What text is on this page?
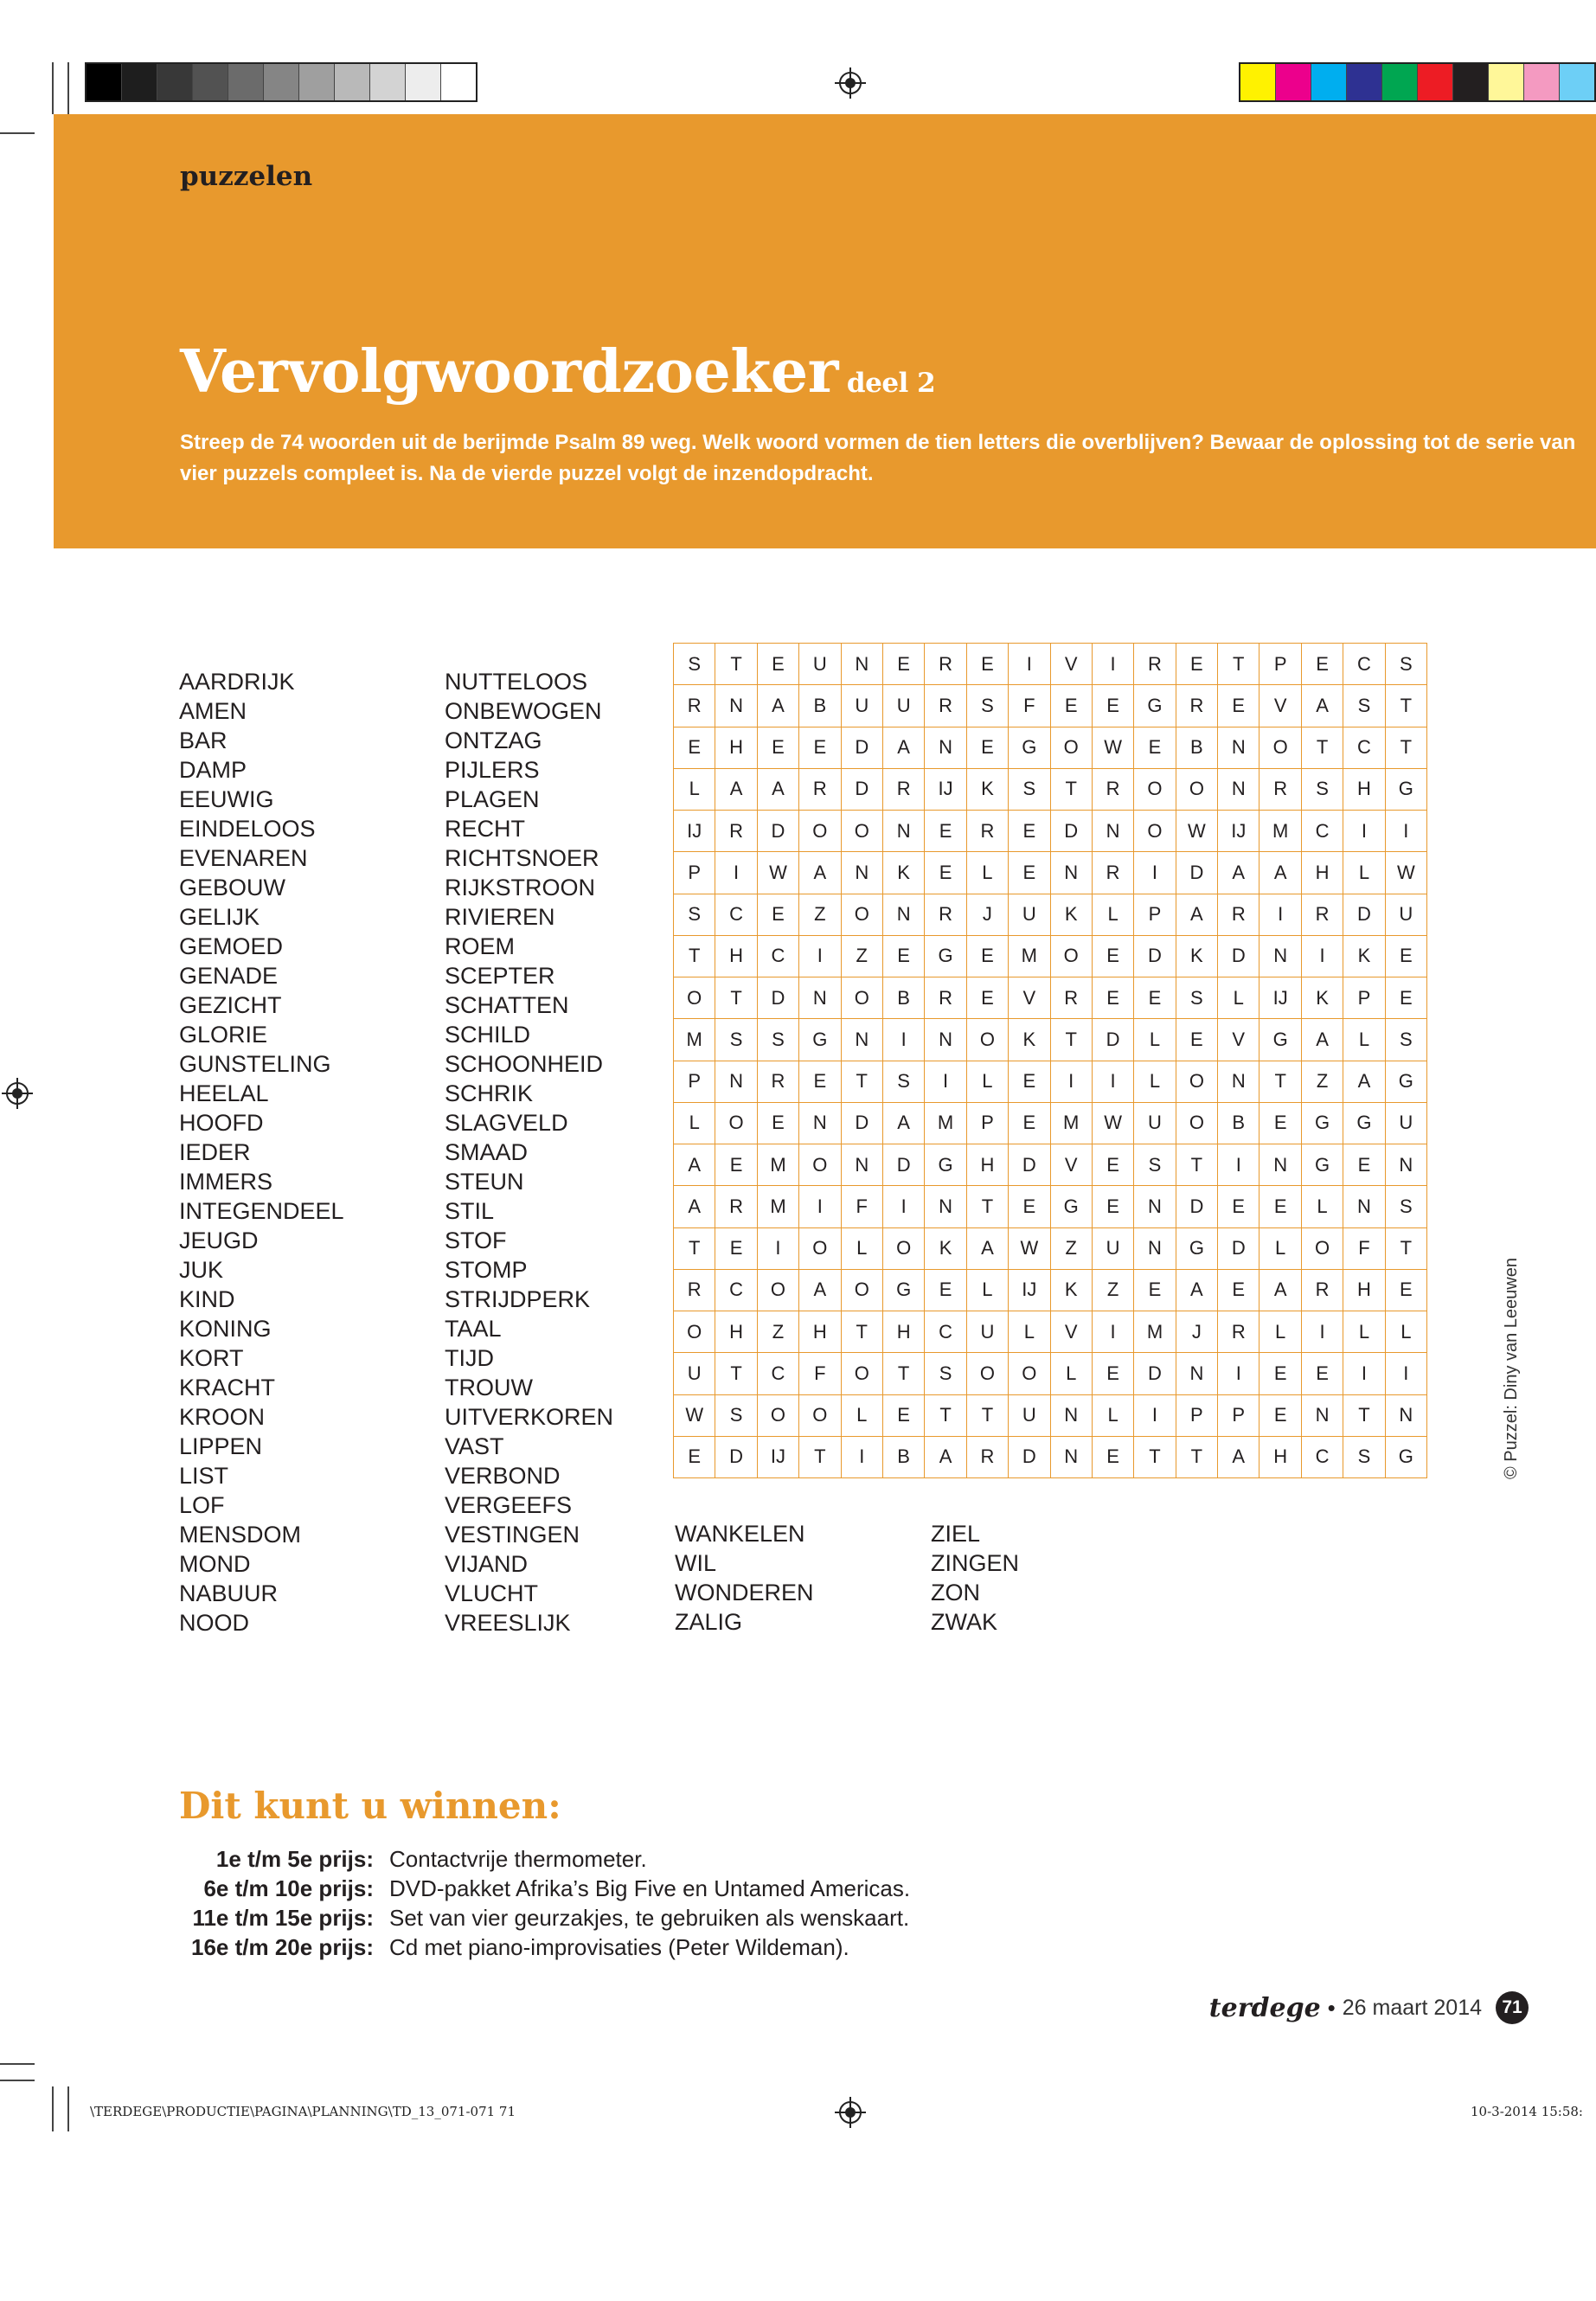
puzzelen
Vervolgwoordzoeker deel 2
Streep de 74 woorden uit de berijmde Psalm 89 weg. Welk woord vormen de tien letters die overblijven? Bewaar de oplossing tot de serie van vier puzzels compleet is. Na de vierde puzzel volgt de inzendopdracht.
AARDRIJK
AMEN
BAR
DAMP
EEUWIG
EINDELOOS
EVENAREN
GEBOUW
GELIJK
GEMOED
GENADE
GEZICHT
GLORIE
GUNSTELING
HEELAL
HOOFD
IEDER
IMMERS
INTEGENDEEL
JEUGD
JUK
KIND
KONING
KORT
KRACHT
KROON
LIPPEN
LIST
LOF
MENSDOM
MOND
NABUUR
NOOD
NUTTELOOS
ONBEWOGEN
ONTZAG
PIJLERS
PLAGEN
RECHT
RICHTSNOER
RIJKSTROON
RIVIEREN
ROEM
SCEPTER
SCHATTEN
SCHILD
SCHOONHEID
SCHRIK
SLAGVELD
SMAAD
STEUN
STIL
STOF
STOMP
STRIJDPERK
TAAL
TIJD
TROUW
UITVERKOREN
VAST
VERBOND
VERGEEFS
VESTINGEN
VIJAND
VLUCHT
VREESLIJK
WANKELEN
WIL
WONDEREN
ZALIG
ZIEL
ZINGEN
ZON
ZWAK
S	T	E	U	N	E	R	E	I	V	I	R	E	T	P	E	C	S
R	N	A	B	U	U	R	S	F	E	E	G	R	E	V	A	S	T
E	H	E	E	D	A	N	E	G	O	W	E	B	N	O	T	C	T
L	A	A	R	D	R	IJ	K	S	T	R	O	O	N	R	S	H	G
IJ	R	D	O	O	N	E	R	E	D	N	O	W	IJ	M	C	I	I
P	I	W	A	N	K	E	L	E	N	R	I	D	A	A	H	L	W
S	C	E	Z	O	N	R	J	U	K	L	P	A	R	I	R	D	U
T	H	C	I	Z	E	G	E	M	O	E	D	K	D	N	I	K	E
O	T	D	N	O	B	R	E	V	R	E	E	S	L	IJ	K	P	E
M	S	S	G	N	I	N	O	K	T	D	L	E	V	G	A	L	S
P	N	R	E	T	S	I	L	E	I	I	L	O	N	T	Z	A	G
L	O	E	N	D	A	M	P	E	M	W	U	O	B	E	G	G	U
A	E	M	O	N	D	G	H	D	V	E	S	T	I	N	G	E	N
A	R	M	I	F	I	N	T	E	G	E	N	D	E	E	L	N	S
T	E	I	O	L	O	K	A	W	Z	U	N	G	D	L	O	F	T
R	C	O	A	O	G	E	L	IJ	K	Z	E	A	E	A	R	H	E
O	H	Z	H	T	H	C	U	L	V	I	M	J	R	L	I	L	L
U	T	C	F	O	T	S	O	O	L	E	D	N	I	E	E	I	I
W	S	O	O	L	E	T	T	U	N	L	I	P	P	E	N	T	N
E	D	IJ	T	I	B	A	R	D	N	E	T	T	A	H	C	S	G	© Puzzel: Diny van Leeuwen
Dit kunt u winnen:
1e t/m 5e prijs: Contactvrije thermometer.
6e t/m 10e prijs: DVD-pakket Afrika’s Big Five en Untamed Americas.
11e t/m 15e prijs: Set van vier geurzakjes, te gebruiken als wenskaart.
16e t/m 20e prijs: Cd met piano-improvisaties (Peter Wildeman).
terdege • 26 maart 2014	71
\TERDEGE\PRODUCTIE\PAGINA\PLANNING\TD_13_071-071 71	10-3-2014 15:58:
